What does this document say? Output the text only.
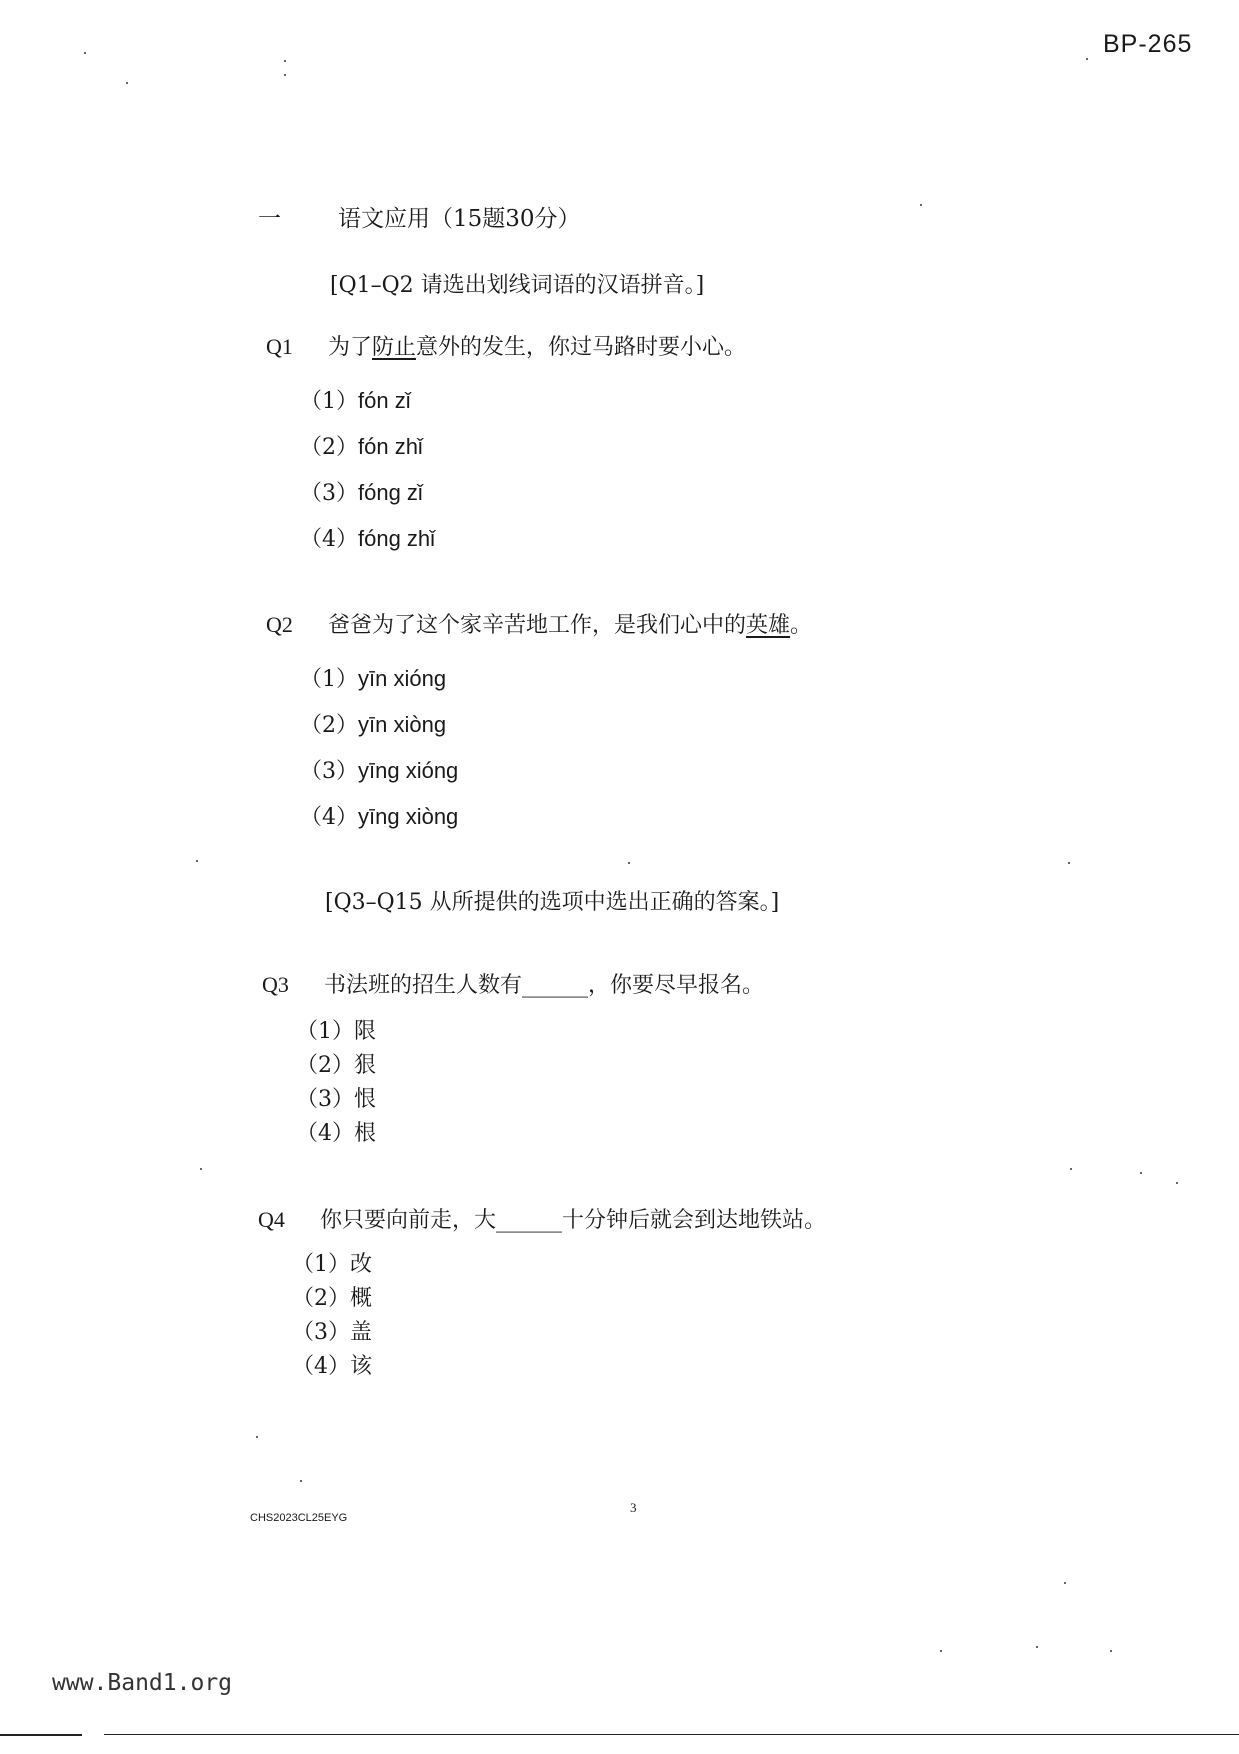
BP-265
一 语文应用（15题30分）
[Q1–Q2 请选出划线词语的汉语拼音。]
Q1 为了防止意外的发生，你过马路时要小心。
（1）fón zǐ
（2）fón zhǐ
（3）fóng zǐ
（4）fóng zhǐ
Q2 爸爸为了这个家辛苦地工作，是我们心中的英雄。
（1）yīn xióng
（2）yīn xiòng
（3）yīng xióng
（4）yīng xiòng
[Q3–Q15 从所提供的选项中选出正确的答案。]
Q3 书法班的招生人数有______，你要尽早报名。
（1）限
（2）狠
（3）恨
（4）根
Q4 你只要向前走，大______十分钟后就会到达地铁站。
（1）改
（2）概
（3）盖
（4）该
3
CHS2023CL25EYG
www.Band1.org
